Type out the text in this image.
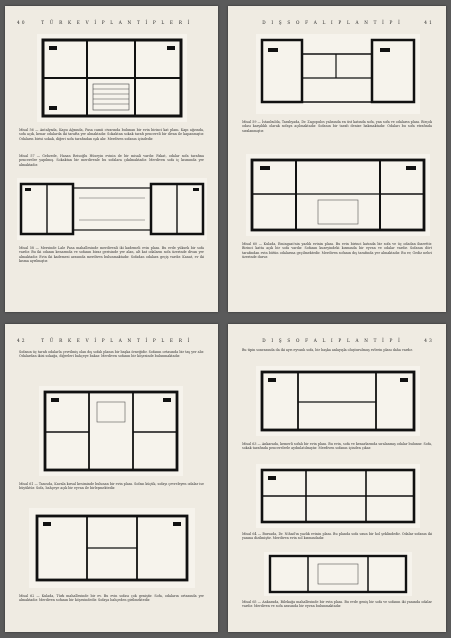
40	T Ü R K E V İ P L A N T İ P L E R İ
Misal 56 — Antalyada, Kapu Ağzında, Pasa camii civarında bulunan bir evin birinci kat planı. Kapı ağzında, sofa açık, kenar odalarda iki tarafta yer almaktadır. Sokaktan sokak tarafı pencereli bir divan ile kapanmıştır. Odaların birisi sokak, diğeri sofa tarafından ışık alır. Merdiven sofanın içindedir.
Misal 57 — Gebzede, Hasan Reisoğlu Hüseyin evinin de bir misali vardır. Fakat, odalar sofa tarafına pencereler yapılmış. Sokaktan bir merdivenle bu sofalara çıkılmaktadır. Merdiven sofa iç kısmında yer almaktadır.
Misal 58 — Mersinde Lale Pasa mahallesinde merdivenli iki kademeli evin planı. Bu evde yüksek bir sofa vardır. Bu iki odanın kenarında ve sofanın biraz gerisinde yer alan, alt kat odaların sofa üzerinde divan yer almaktadır. Evin iki kademesi arasında merdiven bulunmaktadır. Sofadan odalara geçiş vardır. Kanat, ev iki kısma ayrılmıştır.
D I Ş S O F A L I P L A N T İ P İ	41
Misal 59 — İstanbulda, Tarabyada, Dr. Zagopulos yalısında en üst katında sofa, yan sofa ve odaların planı. Birçok odası karşılıklı olarak sofaya açılmaktadır. Sofanın bir tarafı denize bakmaktadır. Odaları bu sofa etrafında sıralanmıştır.
Misal 60 — Kulada, Emingazi'nin yazlık evinin planı. Bu evin birinci katında bir sofa ve üç odadan ibarettir. Birinci katta açık bir sofa vardır. Sofanın kuzeyindeki kısmında bir eyvan ve odalar vardır. Sofanın dört tarafından evin bütün odalarına geçilmektedir. Merdiven sofanın dış tarafında yer almaktadır. Bu ev, Gediz nehri üzerinde durur.
42	T Ü R K E V İ P L A N T İ P L E R İ
Sofanın üç tarafı odalarla çevrilmiş olan dış sofalı planın bir başka örneğidir. Sofanın ortasında bir taş yer alır. Odalardan ikisi sokağa, diğerleri bahçeye bakar. Merdiven sofanın bir köşesinde bulunmaktadır.
Misal 61 — Tasosda, Kavala kırsal kesiminde bulunan bir evin planı. Sofası küçük, sofayı çevreleyen odalar ise büyüktür. Sofa, bahçeye açık bir eyvan ile birleşmektedir.
Misal 62 — Kulada, Türk mahallesinde bir ev. Bu evin sofası çok geniştir. Sofa, odaların ortasında yer almaktadır. Merdiven sofanın bir köşesindedir. Sofaya bahçeden girilmektedir.
D I Ş S O F A L I P L A N T İ P İ	43
Bu tipin sonrasında da iki ayrı eyvanlı sofa, bir başka anlayışla oluşturulmuş evlerin planı daha vardır.
Misal 63 — Ankarada, kemerli sofalı bir evin planı. Bu evin, sofa ve kenarlarında sıralanmış odalar bulunur. Sofa, sokak tarafında pencerelerle aydınlatılmıştır. Merdiven sofanın içinden çıkar.
Misal 64 — Bursada, Dr. Nihad'ın yazlık evinin planı. Bu planda sofa uzun bir hol şeklindedir. Odalar sofanın iki yanına dizilmiştir. Merdiven evin sol kısmındadır.
Misal 65 — Ankarada, Bilekağa mahallesinde bir evin planı. Bu evde geniş bir sofa ve sofanın iki yanında odalar vardır. Merdiven ve sofa arasında bir eyvan bulunmaktadır.
